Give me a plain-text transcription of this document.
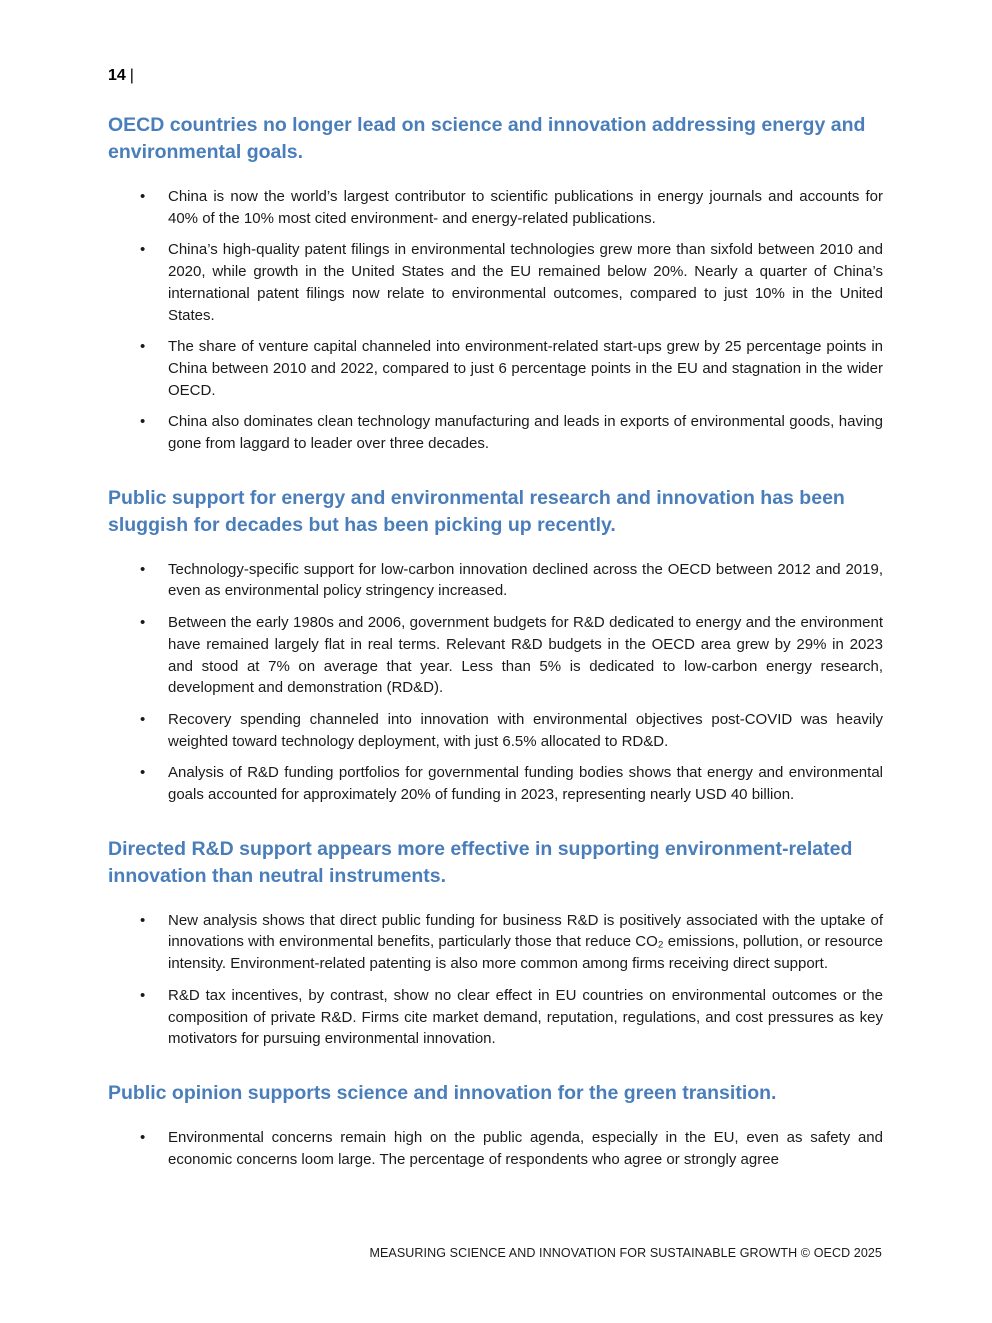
14 |
OECD countries no longer lead on science and innovation addressing energy and environmental goals.
• China is now the world’s largest contributor to scientific publications in energy journals and accounts for 40% of the 10% most cited environment- and energy-related publications.
• China’s high-quality patent filings in environmental technologies grew more than sixfold between 2010 and 2020, while growth in the United States and the EU remained below 20%. Nearly a quarter of China’s international patent filings now relate to environmental outcomes, compared to just 10% in the United States.
• The share of venture capital channeled into environment-related start-ups grew by 25 percentage points in China between 2010 and 2022, compared to just 6 percentage points in the EU and stagnation in the wider OECD.
• China also dominates clean technology manufacturing and leads in exports of environmental goods, having gone from laggard to leader over three decades.
Public support for energy and environmental research and innovation has been sluggish for decades but has been picking up recently.
• Technology-specific support for low-carbon innovation declined across the OECD between 2012 and 2019, even as environmental policy stringency increased.
• Between the early 1980s and 2006, government budgets for R&D dedicated to energy and the environment have remained largely flat in real terms. Relevant R&D budgets in the OECD area grew by 29% in 2023 and stood at 7% on average that year. Less than 5% is dedicated to low-carbon energy research, development and demonstration (RD&D).
• Recovery spending channeled into innovation with environmental objectives post-COVID was heavily weighted toward technology deployment, with just 6.5% allocated to RD&D.
• Analysis of R&D funding portfolios for governmental funding bodies shows that energy and environmental goals accounted for approximately 20% of funding in 2023, representing nearly USD 40 billion.
Directed R&D support appears more effective in supporting environment-related innovation than neutral instruments.
• New analysis shows that direct public funding for business R&D is positively associated with the uptake of innovations with environmental benefits, particularly those that reduce CO₂ emissions, pollution, or resource intensity. Environment-related patenting is also more common among firms receiving direct support.
• R&D tax incentives, by contrast, show no clear effect in EU countries on environmental outcomes or the composition of private R&D. Firms cite market demand, reputation, regulations, and cost pressures as key motivators for pursuing environmental innovation.
Public opinion supports science and innovation for the green transition.
• Environmental concerns remain high on the public agenda, especially in the EU, even as safety and economic concerns loom large. The percentage of respondents who agree or strongly agree
MEASURING SCIENCE AND INNOVATION FOR SUSTAINABLE GROWTH © OECD 2025
